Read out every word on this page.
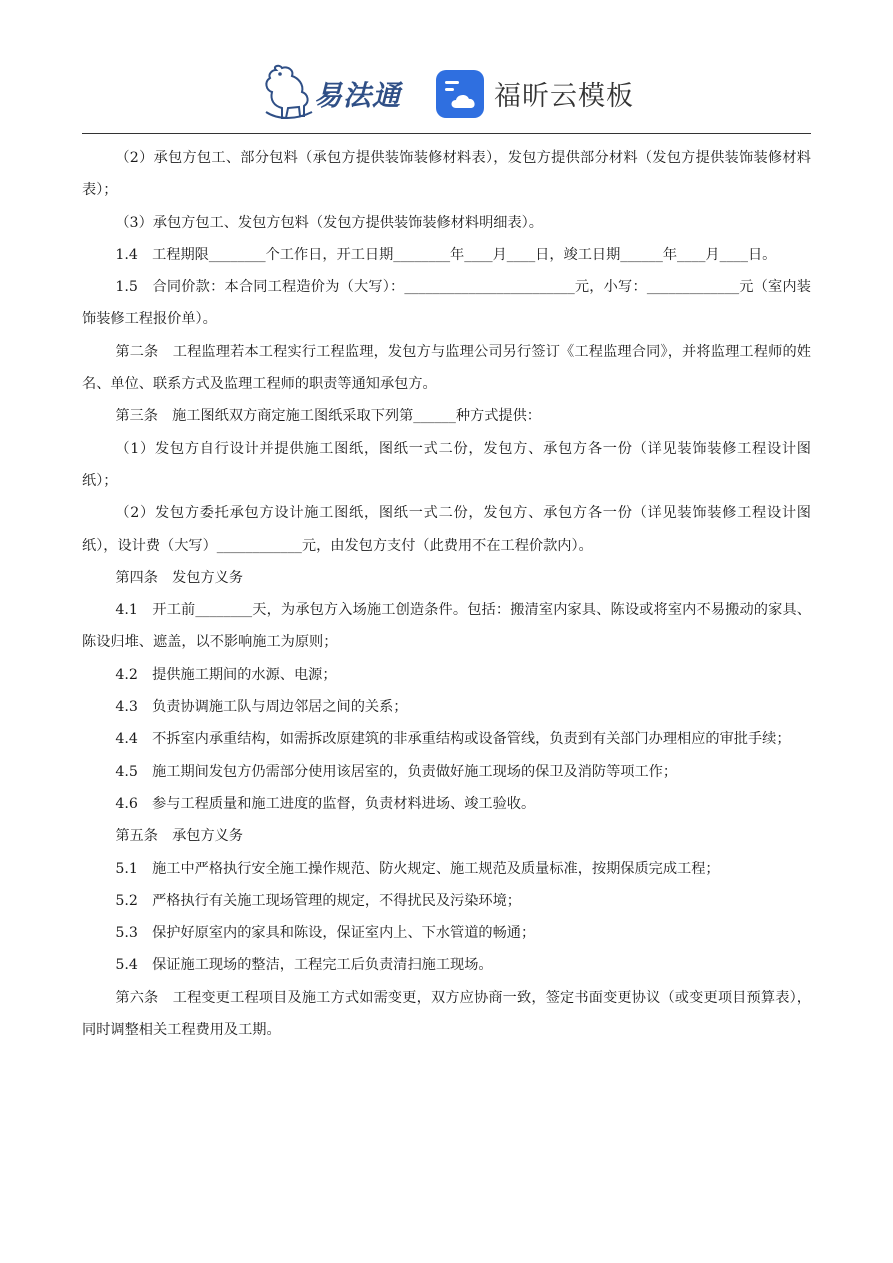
易法通	福昕云模板

（2）承包方包工、部分包料（承包方提供装饰装修材料表），发包方提供部分材料（发包方提供装饰装修材料表）；

（3）承包方包工、发包方包料（发包方提供装饰装修材料明细表）。

1.4　工程期限________个工作日，开工日期________年____月____日，竣工日期______年____月____日。

1.5　合同价款：本合同工程造价为（大写）：________________________元，小写：_____________元（室内装饰装修工程报价单）。

第二条　工程监理若本工程实行工程监理，发包方与监理公司另行签订《工程监理合同》，并将监理工程师的姓名、单位、联系方式及监理工程师的职责等通知承包方。

第三条　施工图纸双方商定施工图纸采取下列第______种方式提供：

（1）发包方自行设计并提供施工图纸，图纸一式二份，发包方、承包方各一份（详见装饰装修工程设计图纸）；

（2）发包方委托承包方设计施工图纸，图纸一式二份，发包方、承包方各一份（详见装饰装修工程设计图纸），设计费（大写）____________元，由发包方支付（此费用不在工程价款内）。

第四条　发包方义务

4.1　开工前________天，为承包方入场施工创造条件。包括：搬清室内家具、陈设或将室内不易搬动的家具、陈设归堆、遮盖，以不影响施工为原则；

4.2　提供施工期间的水源、电源；

4.3　负责协调施工队与周边邻居之间的关系；

4.4　不拆室内承重结构，如需拆改原建筑的非承重结构或设备管线，负责到有关部门办理相应的审批手续；

4.5　施工期间发包方仍需部分使用该居室的，负责做好施工现场的保卫及消防等项工作；

4.6　参与工程质量和施工进度的监督，负责材料进场、竣工验收。

第五条　承包方义务

5.1　施工中严格执行安全施工操作规范、防火规定、施工规范及质量标准，按期保质完成工程；

5.2　严格执行有关施工现场管理的规定，不得扰民及污染环境；

5.3　保护好原室内的家具和陈设，保证室内上、下水管道的畅通；

5.4　保证施工现场的整洁，工程完工后负责清扫施工现场。

第六条　工程变更工程项目及施工方式如需变更，双方应协商一致，签定书面变更协议（或变更项目预算表），同时调整相关工程费用及工期。
